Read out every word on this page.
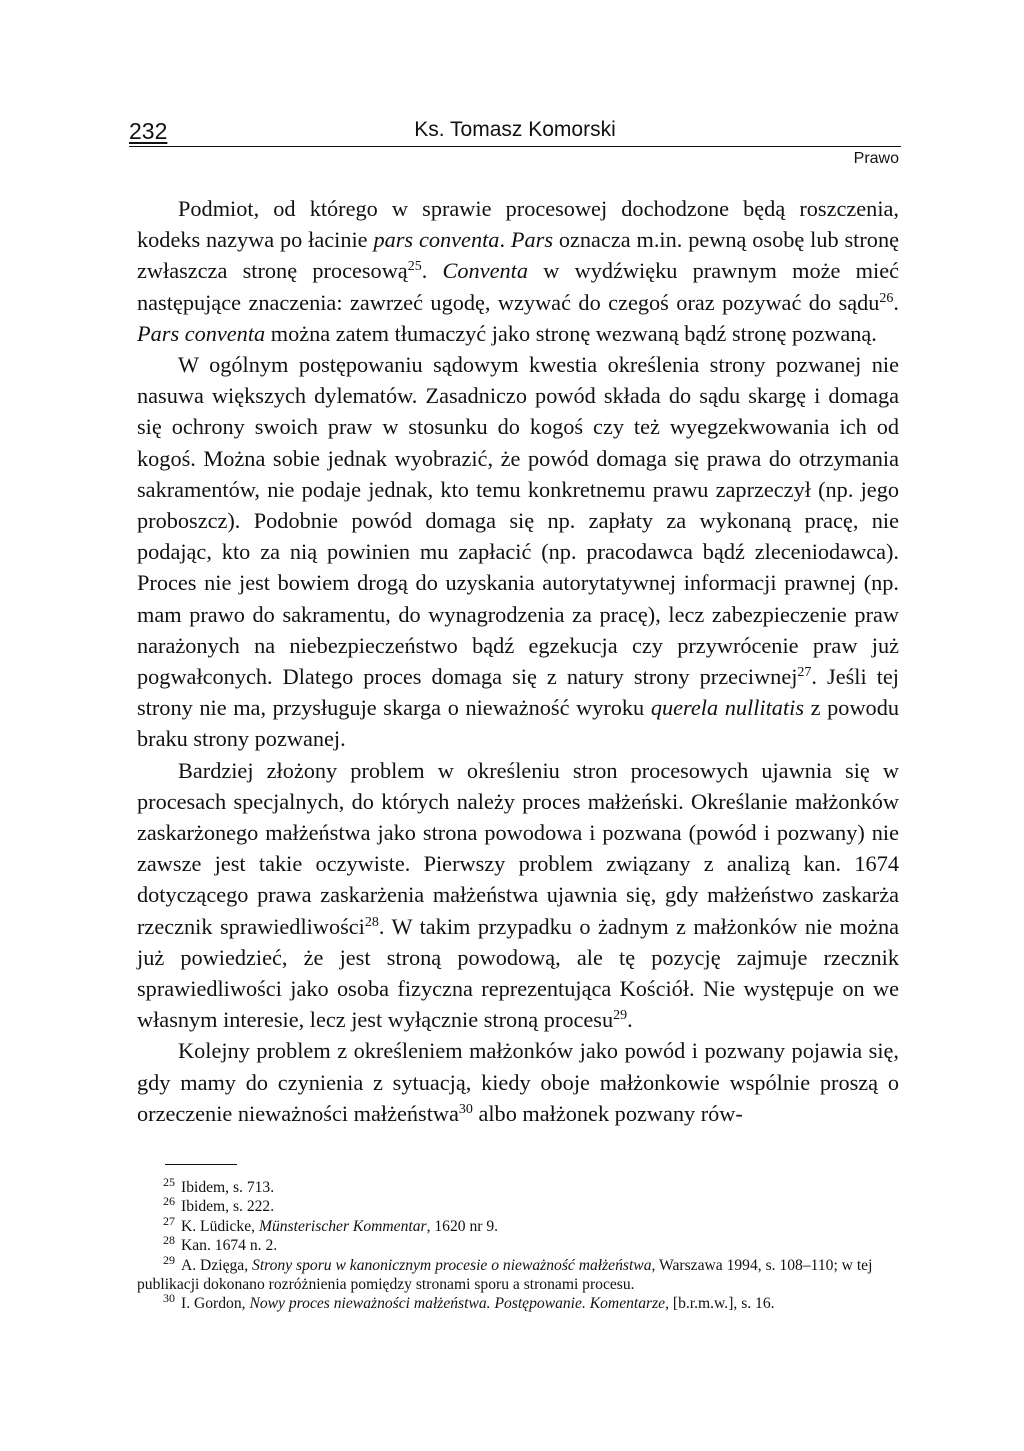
232	Ks. Tomasz Komorski
Prawo

Podmiot, od którego w sprawie procesowej dochodzone będą roszczenia, kodeks nazywa po łacinie pars conventa. Pars oznacza m.in. pewną osobę lub stronę zwłaszcza stronę procesową$^{25}$. Conventa w wydźwięku prawnym może mieć następujące znaczenia: zawrzeć ugodę, wzywać do czegoś oraz pozywać do sądu$^{26}$. Pars conventa można zatem tłumaczyć jako stronę wezwaną bądź stronę pozwaną.

W ogólnym postępowaniu sądowym kwestia określenia strony pozwanej nie nasuwa większych dylematów. Zasadniczo powód składa do sądu skargę i domaga się ochrony swoich praw w stosunku do kogoś czy też wyegzekwowania ich od kogoś. Można sobie jednak wyobrazić, że powód domaga się prawa do otrzymania sakramentów, nie podaje jednak, kto temu konkretnemu prawu zaprzeczył (np. jego proboszcz). Podobnie powód domaga się np. zapłaty za wykonaną pracę, nie podając, kto za nią powinien mu zapłacić (np. pracodawca bądź zleceniodawca). Proces nie jest bowiem drogą do uzyskania autorytatywnej informacji prawnej (np. mam prawo do sakramentu, do wynagrodzenia za pracę), lecz zabezpieczenie praw narażonych na niebezpieczeństwo bądź egzekucja czy przywrócenie praw już pogwałconych. Dlatego proces domaga się z natury strony przeciwnej$^{27}$. Jeśli tej strony nie ma, przysługuje skarga o nieważność wyroku querela nullitatis z powodu braku strony pozwanej.

Bardziej złożony problem w określeniu stron procesowych ujawnia się w procesach specjalnych, do których należy proces małżeński. Określanie małżonków zaskarżonego małżeństwa jako strona powodowa i pozwana (powód i pozwany) nie zawsze jest takie oczywiste. Pierwszy problem związany z analizą kan. 1674 dotyczącego prawa zaskarżenia małżeństwa ujawnia się, gdy małżeństwo zaskarża rzecznik sprawiedliwości$^{28}$. W takim przypadku o żadnym z małżonków nie można już powiedzieć, że jest stroną powodową, ale tę pozycję zajmuje rzecznik sprawiedliwości jako osoba fizyczna reprezentująca Kościół. Nie występuje on we własnym interesie, lecz jest wyłącznie stroną procesu$^{29}$.

Kolejny problem z określeniem małżonków jako powód i pozwany pojawia się, gdy mamy do czynienia z sytuacją, kiedy oboje małżonkowie wspólnie proszą o orzeczenie nieważności małżeństwa$^{30}$ albo małżonek pozwany rów-

$^{25}$ Ibidem, s. 713.

$^{26}$ Ibidem, s. 222.

$^{27}$ K. Lüdicke, Münsterischer Kommentar, 1620 nr 9.

$^{28}$ Kan. 1674 n. 2.

$^{29}$ A. Dzięga, Strony sporu w kanonicznym procesie o nieważność małżeństwa, Warszawa 1994, s. 108–110; w tej publikacji dokonano rozróżnienia pomiędzy stronami sporu a stronami procesu.

$^{30}$ I. Gordon, Nowy proces nieważności małżeństwa. Postępowanie. Komentarze, [b.r.m.w.], s. 16.
